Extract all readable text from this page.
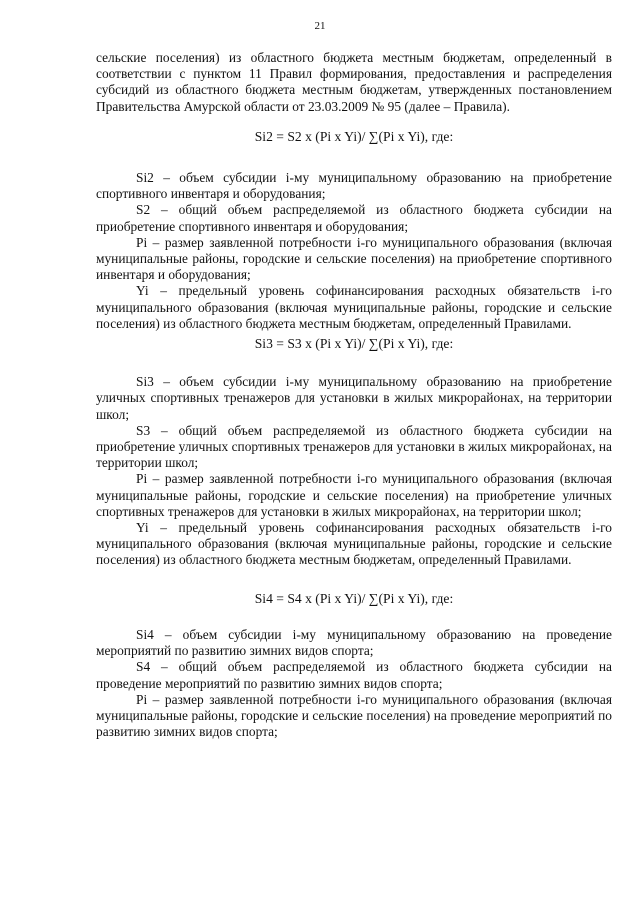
21

сельские поселения) из областного бюджета местным бюджетам, определенный в соответствии с пунктом 11 Правил формирования, предоставления и распределения субсидий из областного бюджета местным бюджетам, утвержденных постановлением Правительства Амурской области от 23.03.2009 № 95 (далее – Правила).

Si2 = S2 x (Pi x Yi)/ ∑(Pi x Yi), где:

Si2 – объем субсидии i-му муниципальному образованию на приобретение спортивного инвентаря и оборудования;

S2 – общий объем распределяемой из областного бюджета субсидии на приобретение спортивного инвентаря и оборудования;

Pi – размер заявленной потребности i-го муниципального образования (включая муниципальные районы, городские и сельские поселения) на приобретение спортивного инвентаря и оборудования;

Yi – предельный уровень софинансирования расходных обязательств i-го муниципального образования (включая муниципальные районы, городские и сельские поселения) из областного бюджета местным бюджетам, определенный Правилами.

Si3 = S3 x (Pi x Yi)/ ∑(Pi x Yi), где:

Si3 – объем субсидии i-му муниципальному образованию на приобретение уличных спортивных тренажеров для установки в жилых микрорайонах, на территории школ;

S3 – общий объем распределяемой из областного бюджета субсидии на приобретение уличных спортивных тренажеров для установки в жилых микрорайонах, на территории школ;

Pi – размер заявленной потребности i-го муниципального образования (включая муниципальные районы, городские и сельские поселения) на приобретение уличных спортивных тренажеров для установки в жилых микрорайонах, на территории школ;

Yi – предельный уровень софинансирования расходных обязательств i-го муниципального образования (включая муниципальные районы, городские и сельские поселения) из областного бюджета местным бюджетам, определенный Правилами.

Si4 = S4 x (Pi x Yi)/ ∑(Pi x Yi), где:

Si4 – объем субсидии i-му муниципальному образованию на проведение мероприятий по развитию зимних видов спорта;

S4 – общий объем распределяемой из областного бюджета субсидии на проведение мероприятий по развитию зимних видов спорта;

Pi – размер заявленной потребности i-го муниципального образования (включая муниципальные районы, городские и сельские поселения) на проведение мероприятий по развитию зимних видов спорта;
